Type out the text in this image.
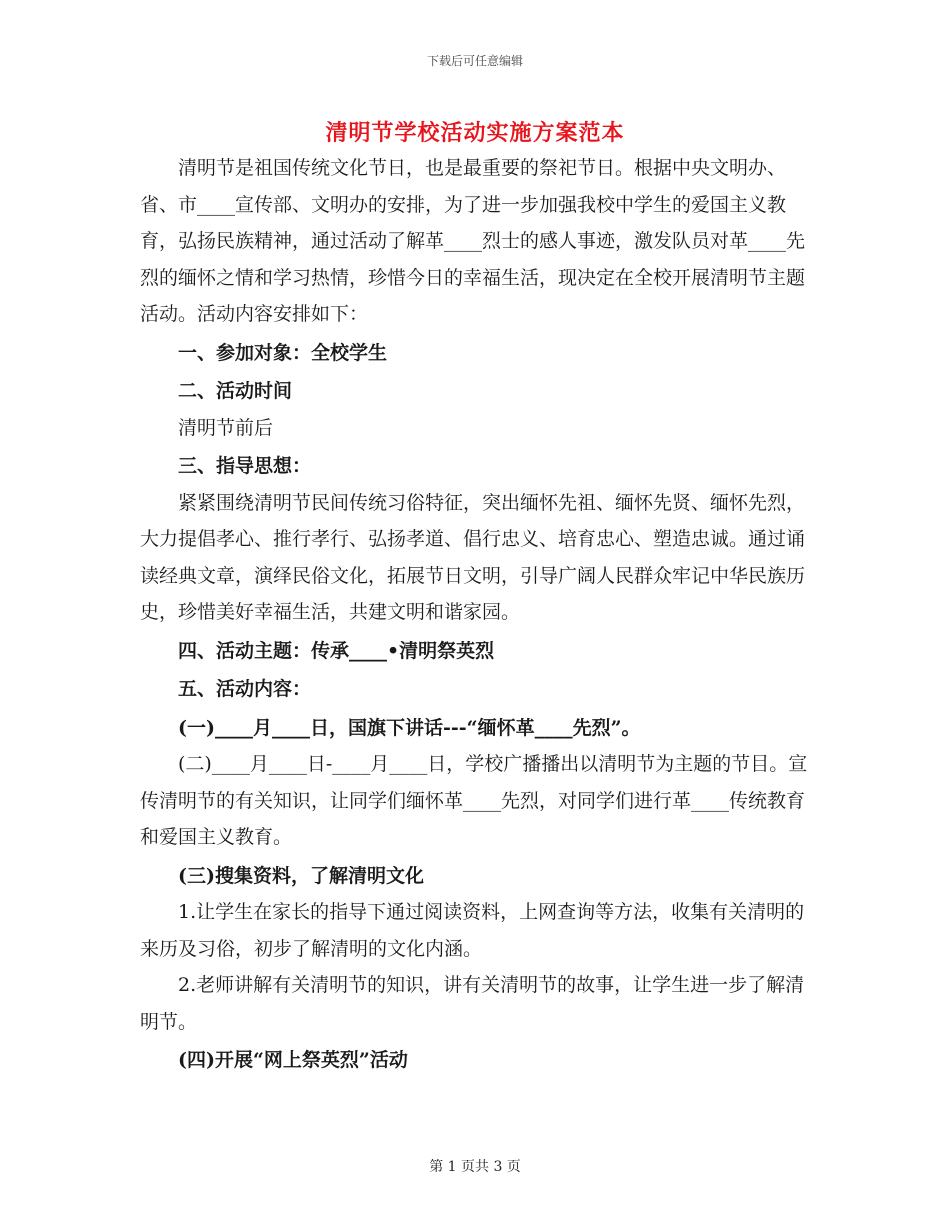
下载后可任意编辑
清明节学校活动实施方案范本

清明节是祖国传统文化节日，也是最重要的祭祀节日。根据中央文明办、省、市____宣传部、文明办的安排，为了进一步加强我校中学生的爱国主义教育，弘扬民族精神，通过活动了解革____烈士的感人事迹，激发队员对革____先烈的缅怀之情和学习热情，珍惜今日的幸福生活，现决定在全校开展清明节主题活动。活动内容安排如下：

一、参加对象：全校学生

二、活动时间

清明节前后

三、指导思想：

紧紧围绕清明节民间传统习俗特征，突出缅怀先祖、缅怀先贤、缅怀先烈，大力提倡孝心、推行孝行、弘扬孝道、倡行忠义、培育忠心、塑造忠诚。通过诵读经典文章，演绎民俗文化，拓展节日文明，引导广阔人民群众牢记中华民族历史，珍惜美好幸福生活，共建文明和谐家园。

四、活动主题：传承____•清明祭英烈

五、活动内容：

(一)____月____日，国旗下讲话---“缅怀革____先烈”。

(二)____月____日-____月____日，学校广播播出以清明节为主题的节目。宣传清明节的有关知识，让同学们缅怀革____先烈，对同学们进行革____传统教育和爱国主义教育。

(三)搜集资料，了解清明文化

1.让学生在家长的指导下通过阅读资料，上网查询等方法，收集有关清明的来历及习俗，初步了解清明的文化内涵。

2.老师讲解有关清明节的知识，讲有关清明节的故事，让学生进一步了解清明节。

(四)开展“网上祭英烈”活动

第 1 页共 3 页
